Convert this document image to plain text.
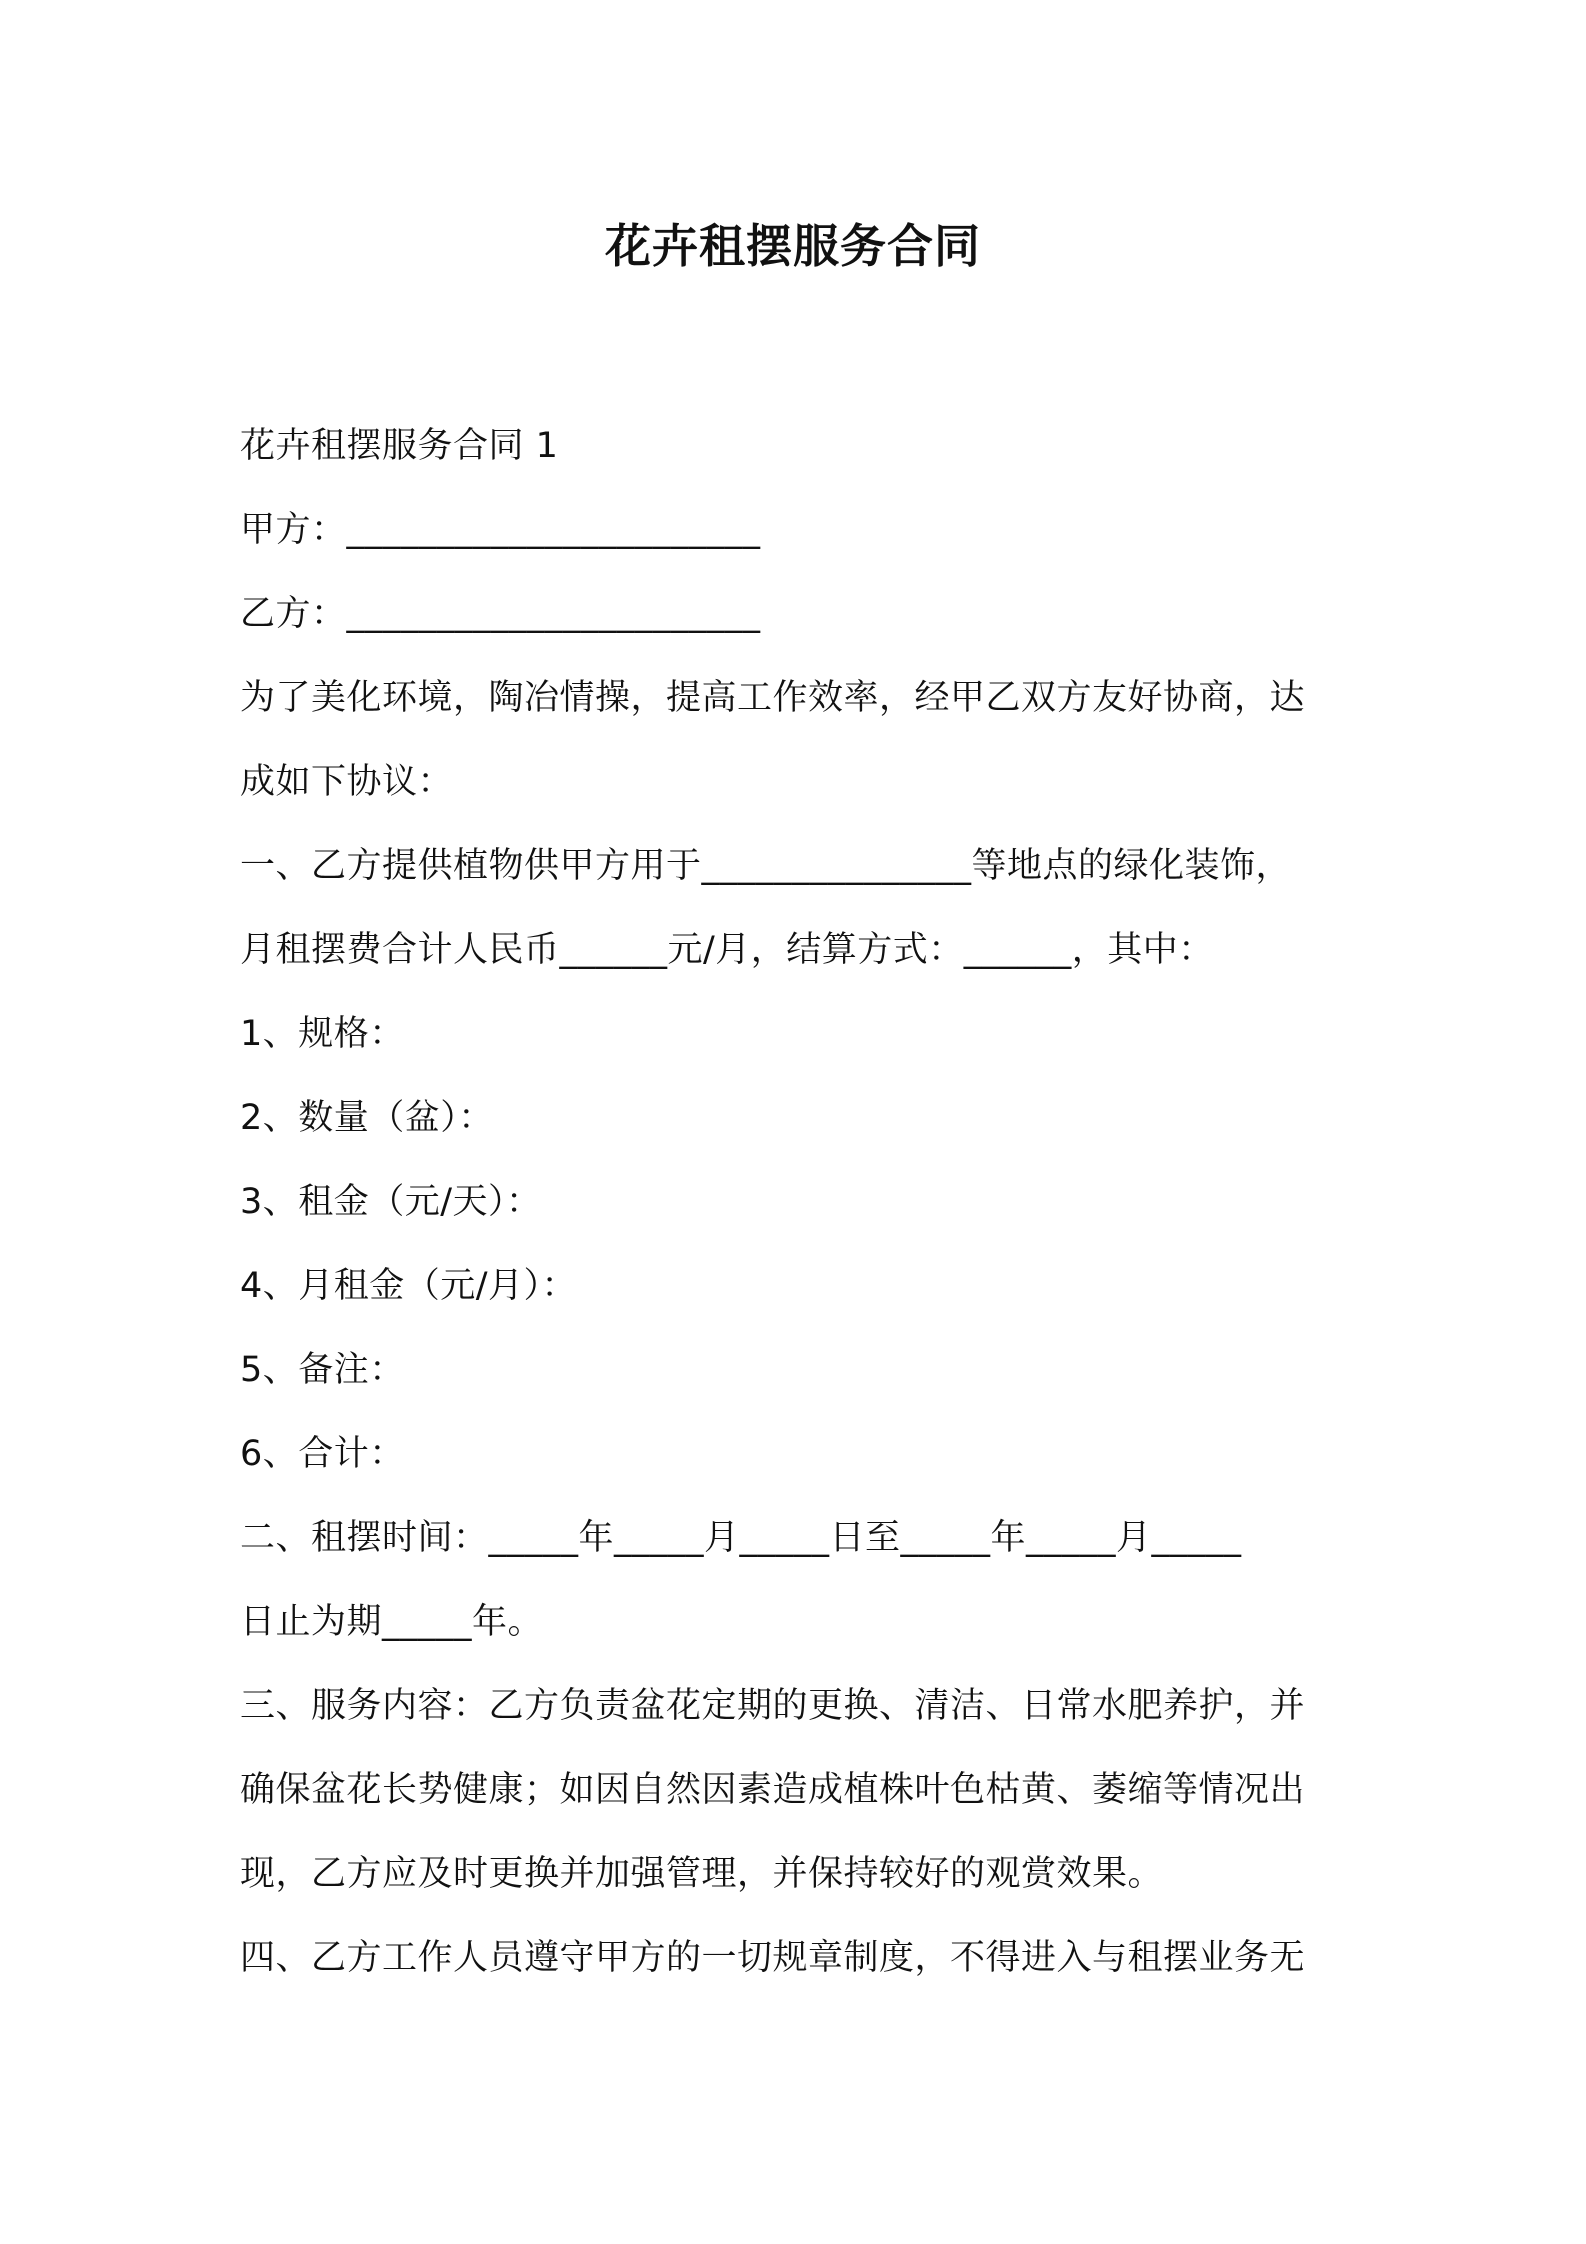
花卉租摆服务合同
花卉租摆服务合同 1
甲方：_______________________
乙方：_______________________
为了美化环境，陶冶情操，提高工作效率，经甲乙双方友好协商，达
成如下协议：
一、乙方提供植物供甲方用于_______________等地点的绿化装饰，
月租摆费合计人民币______元/月，结算方式：______，其中：
1、规格：
2、数量（盆）：
3、租金（元/天）：
4、月租金（元/月）：
5、备注：
6、合计：
二、租摆时间：_____年_____月_____日至_____年_____月_____
日止为期_____年。
三、服务内容：乙方负责盆花定期的更换、清洁、日常水肥养护，并
确保盆花长势健康；如因自然因素造成植株叶色枯黄、萎缩等情况出
现，乙方应及时更换并加强管理，并保持较好的观赏效果。
四、乙方工作人员遵守甲方的一切规章制度，不得进入与租摆业务无
